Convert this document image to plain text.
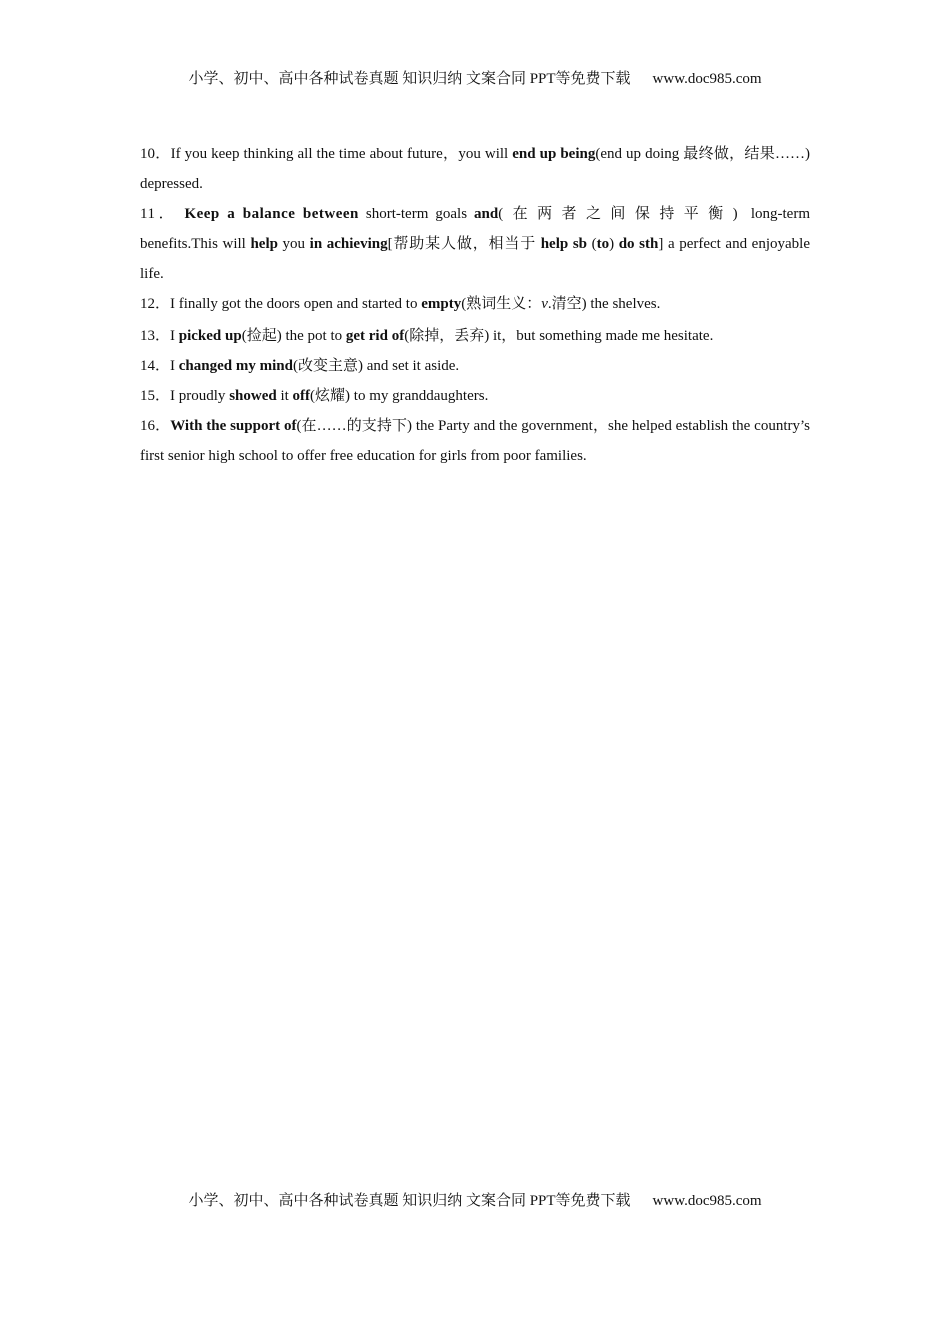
小学、初中、高中各种试卷真题 知识归纳 文案合同 PPT等免费下载 www.doc985.com

10．If you keep thinking all the time about future，you will end up being(end up doing 最终做，结果……) depressed.

11． Keep a balance between short-term goals and(在两者之间保持平衡) long-term benefits.This will help you in achieving[帮助某人做，相当于 help sb (to) do sth] a perfect and enjoyable life.

12．I finally got the doors open and started to empty(熟词生义：v.清空) the shelves.

13．I picked up(捡起) the pot to get rid of(除掉，丢弃) it，but something made me hesitate.

14．I changed my mind(改变主意) and set it aside.

15．I proudly showed it off(炫耀) to my granddaughters.

16．With the support of(在……的支持下) the Party and the government，she helped establish the country’s first senior high school to offer free education for girls from poor families.

小学、初中、高中各种试卷真题 知识归纳 文案合同 PPT等免费下载 www.doc985.com
